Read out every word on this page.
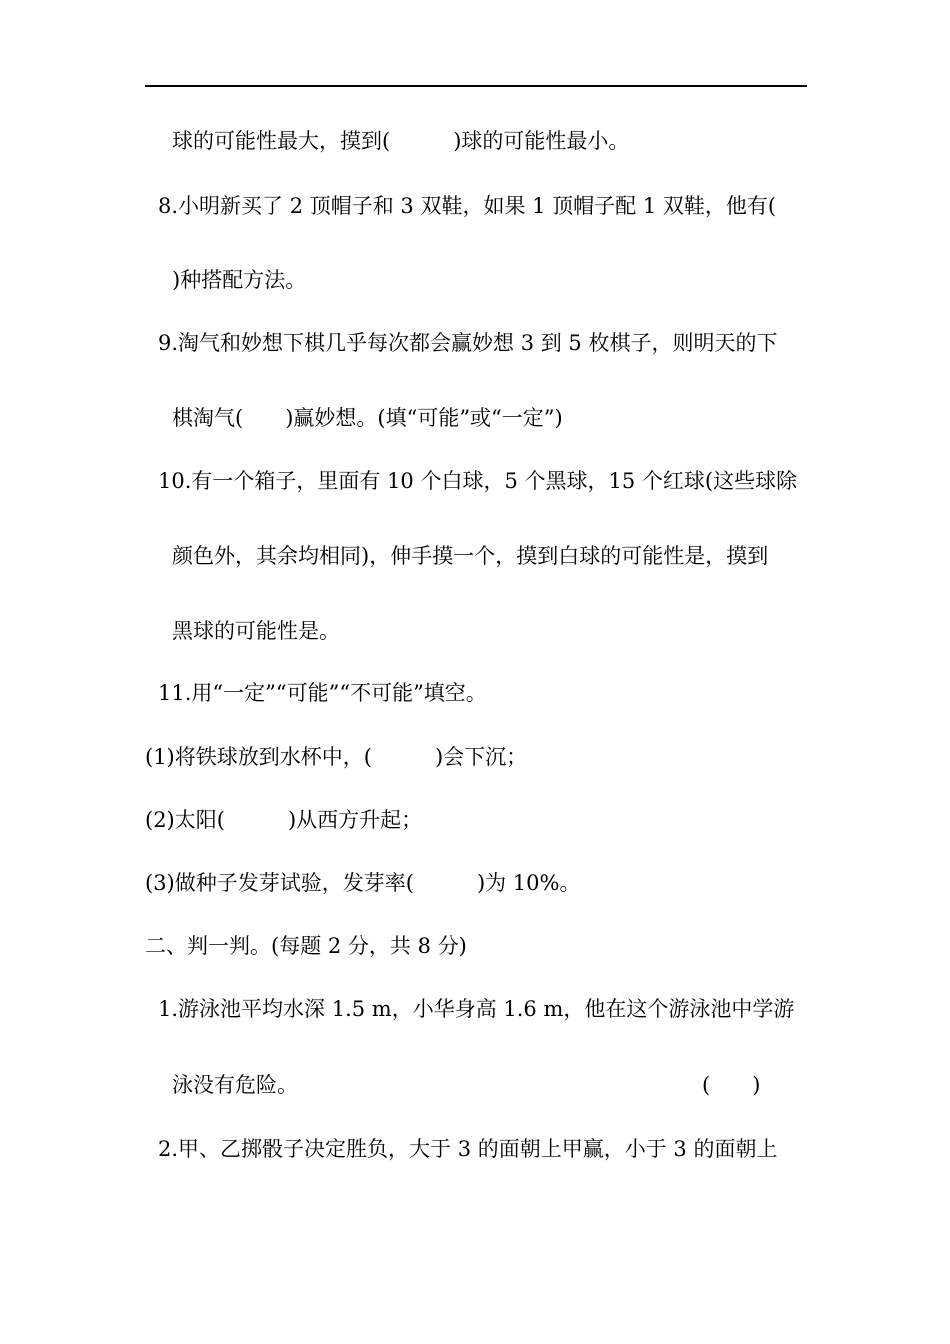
球的可能性最大，摸到(　　　)球的可能性最小。
8.小明新买了 2 顶帽子和 3 双鞋，如果 1 顶帽子配 1 双鞋，他有(
)种搭配方法。
9.淘气和妙想下棋几乎每次都会赢妙想 3 到 5 枚棋子，则明天的下
棋淘气(　　)赢妙想。(填“可能”或“一定”)
10.有一个箱子，里面有 10 个白球，5 个黑球，15 个红球(这些球除
颜色外，其余均相同)，伸手摸一个，摸到白球的可能性是，摸到
黑球的可能性是。
11.用“一定”“可能”“不可能”填空。
(1)将铁球放到水杯中，(　　　)会下沉；
(2)太阳(　　　)从西方升起；
(3)做种子发芽试验，发芽率(　　　)为 10%。
二、判一判。(每题 2 分，共 8 分)
1.游泳池平均水深 1.5 m，小华身高 1.6 m，他在这个游泳池中学游
泳没有危险。	(　　)
2.甲、乙掷骰子决定胜负，大于 3 的面朝上甲赢，小于 3 的面朝上
